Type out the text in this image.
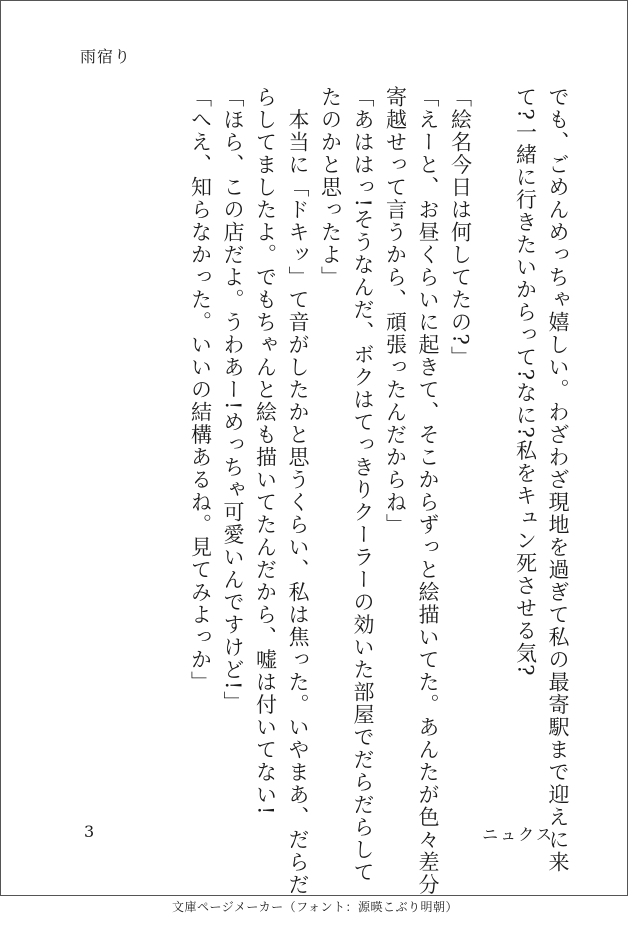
雨宿り
でも、ごめんめっちゃ嬉しい。わざわざ現地を過ぎて私の最寄駅まで迎えに来
て?一緒に行きたいからって?なに?私をキュン死させる気?

「絵名今日は何してたの?」
「えーと、お昼くらいに起きて、そこからずっと絵描いてた。あんたが色々差分
寄越せって言うから、頑張ったんだからね」
「あははっ!そうなんだ、ボクはてっきりクーラーの効いた部屋でだらだらして
たのかと思ったよ」
　本当に「ドキッ」て音がしたかと思うくらい、私は焦った。いやまあ、だらだ
らしてましたよ。でもちゃんと絵も描いてたんだから、嘘は付いてない!
「ほら、この店だよ。うわあー!めっちゃ可愛いんですけど!」
「へえ、知らなかった。いいの結構あるね。見てみよっか」
3	ニュクス
文庫ページメーカー（フォント：源暎こぶり明朝）
